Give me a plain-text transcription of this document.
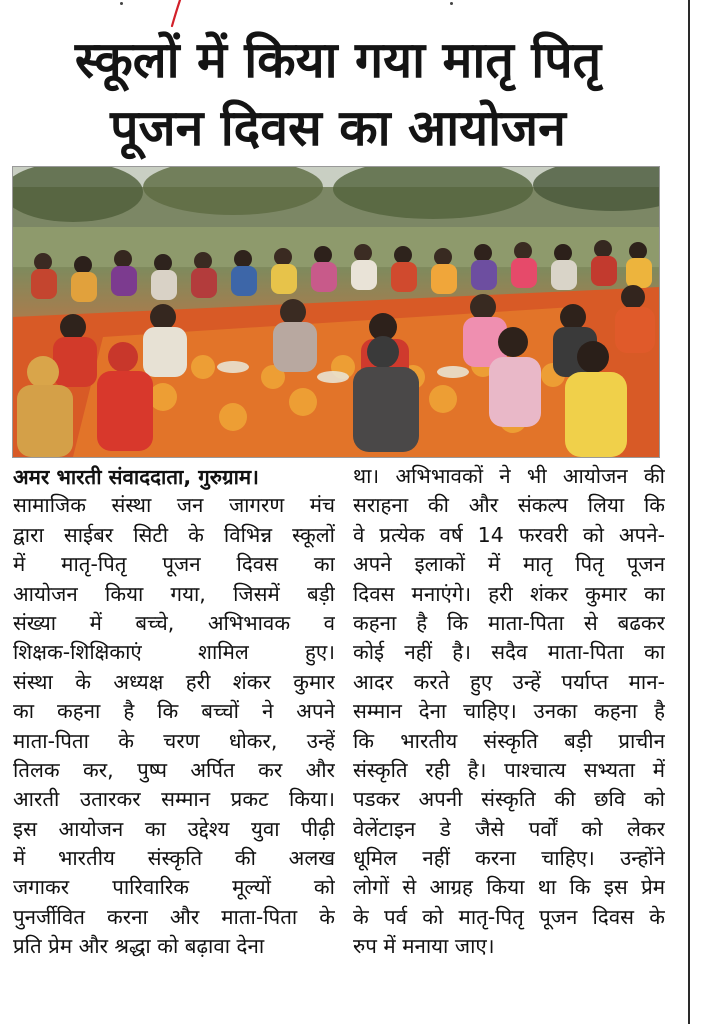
स्कूलों में किया गया मातृ पितृ
पूजन दिवस का आयोजन
अमर भारती संवाददाता, गुरुग्राम।
सामाजिक संस्था जन जागरण मंच
द्वारा साईबर सिटी के विभिन्न स्कूलों
में मातृ-पितृ पूजन दिवस का
आयोजन किया गया, जिसमें बड़ी
संख्या में बच्चे, अभिभावक व
शिक्षक-शिक्षिकाएं शामिल हुए।
संस्था के अध्यक्ष हरी शंकर कुमार
का कहना है कि बच्चों ने अपने
माता-पिता के चरण धोकर, उन्हें
तिलक कर, पुष्प अर्पित कर और
आरती उतारकर सम्मान प्रकट किया।
इस आयोजन का उद्देश्य युवा पीढ़ी
में भारतीय संस्कृति की अलख
जगाकर पारिवारिक मूल्यों को
पुनर्जीवित करना और माता-पिता के
प्रति प्रेम और श्रद्धा को बढ़ावा देना
था। अभिभावकों ने भी आयोजन की
सराहना की और संकल्प लिया कि
वे प्रत्येक वर्ष 14 फरवरी को अपने-
अपने इलाकों में मातृ पितृ पूजन
दिवस मनाएंगे। हरी शंकर कुमार का
कहना है कि माता-पिता से बढकर
कोई नहीं है। सदैव माता-पिता का
आदर करते हुए उन्हें पर्याप्त मान-
सम्मान देना चाहिए। उनका कहना है
कि भारतीय संस्कृति बड़ी प्राचीन
संस्कृति रही है। पाश्चात्य सभ्यता में
पडकर अपनी संस्कृति की छवि को
वेलेंटाइन डे जैसे पर्वों को लेकर
धूमिल नहीं करना चाहिए। उन्होंने
लोगों से आग्रह किया था कि इस प्रेम
के पर्व को मातृ-पितृ पूजन दिवस के
रुप में मनाया जाए।
